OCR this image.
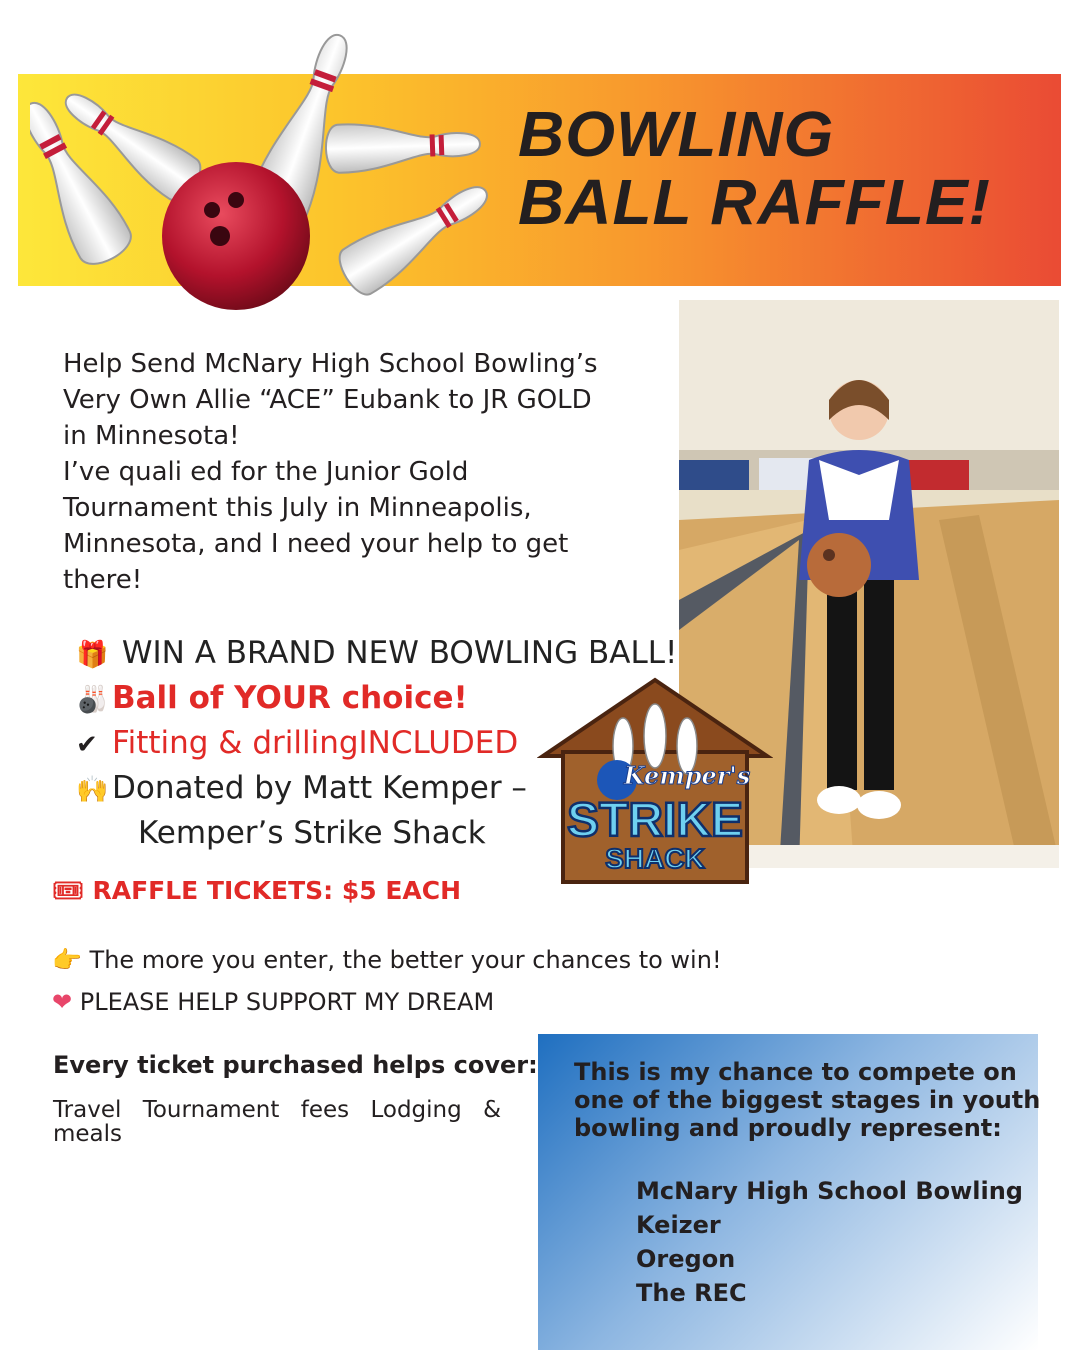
BOWLING
BALL RAFFLE!

Help Send McNary High School Bowling’s Very Own Allie “ACE” Eubank to JR GOLD in Minnesota!

I’ve quali ed for the Junior Gold Tournament this July in Minneapolis, Minnesota, and I need your help to get there!

🎁 WIN A BRAND NEW BOWLING BALL!
🎳 Ball of YOUR choice!
✔ Fitting & drillingINCLUDED
🙌 Donated by Matt Kemper –
Kemper’s Strike Shack
Kemper's
STRIKE
SHACK
🎟 RAFFLE TICKETS: $5 EACH
👉 The more you enter, the better your chances to win!
❤ PLEASE HELP SUPPORT MY DREAM
Every ticket purchased helps cover:
Travel Tournament fees Lodging & meals
This is my chance to compete on one of the biggest stages in youth bowling and proudly represent:
McNary High School Bowling
Keizer
Oregon
The REC
